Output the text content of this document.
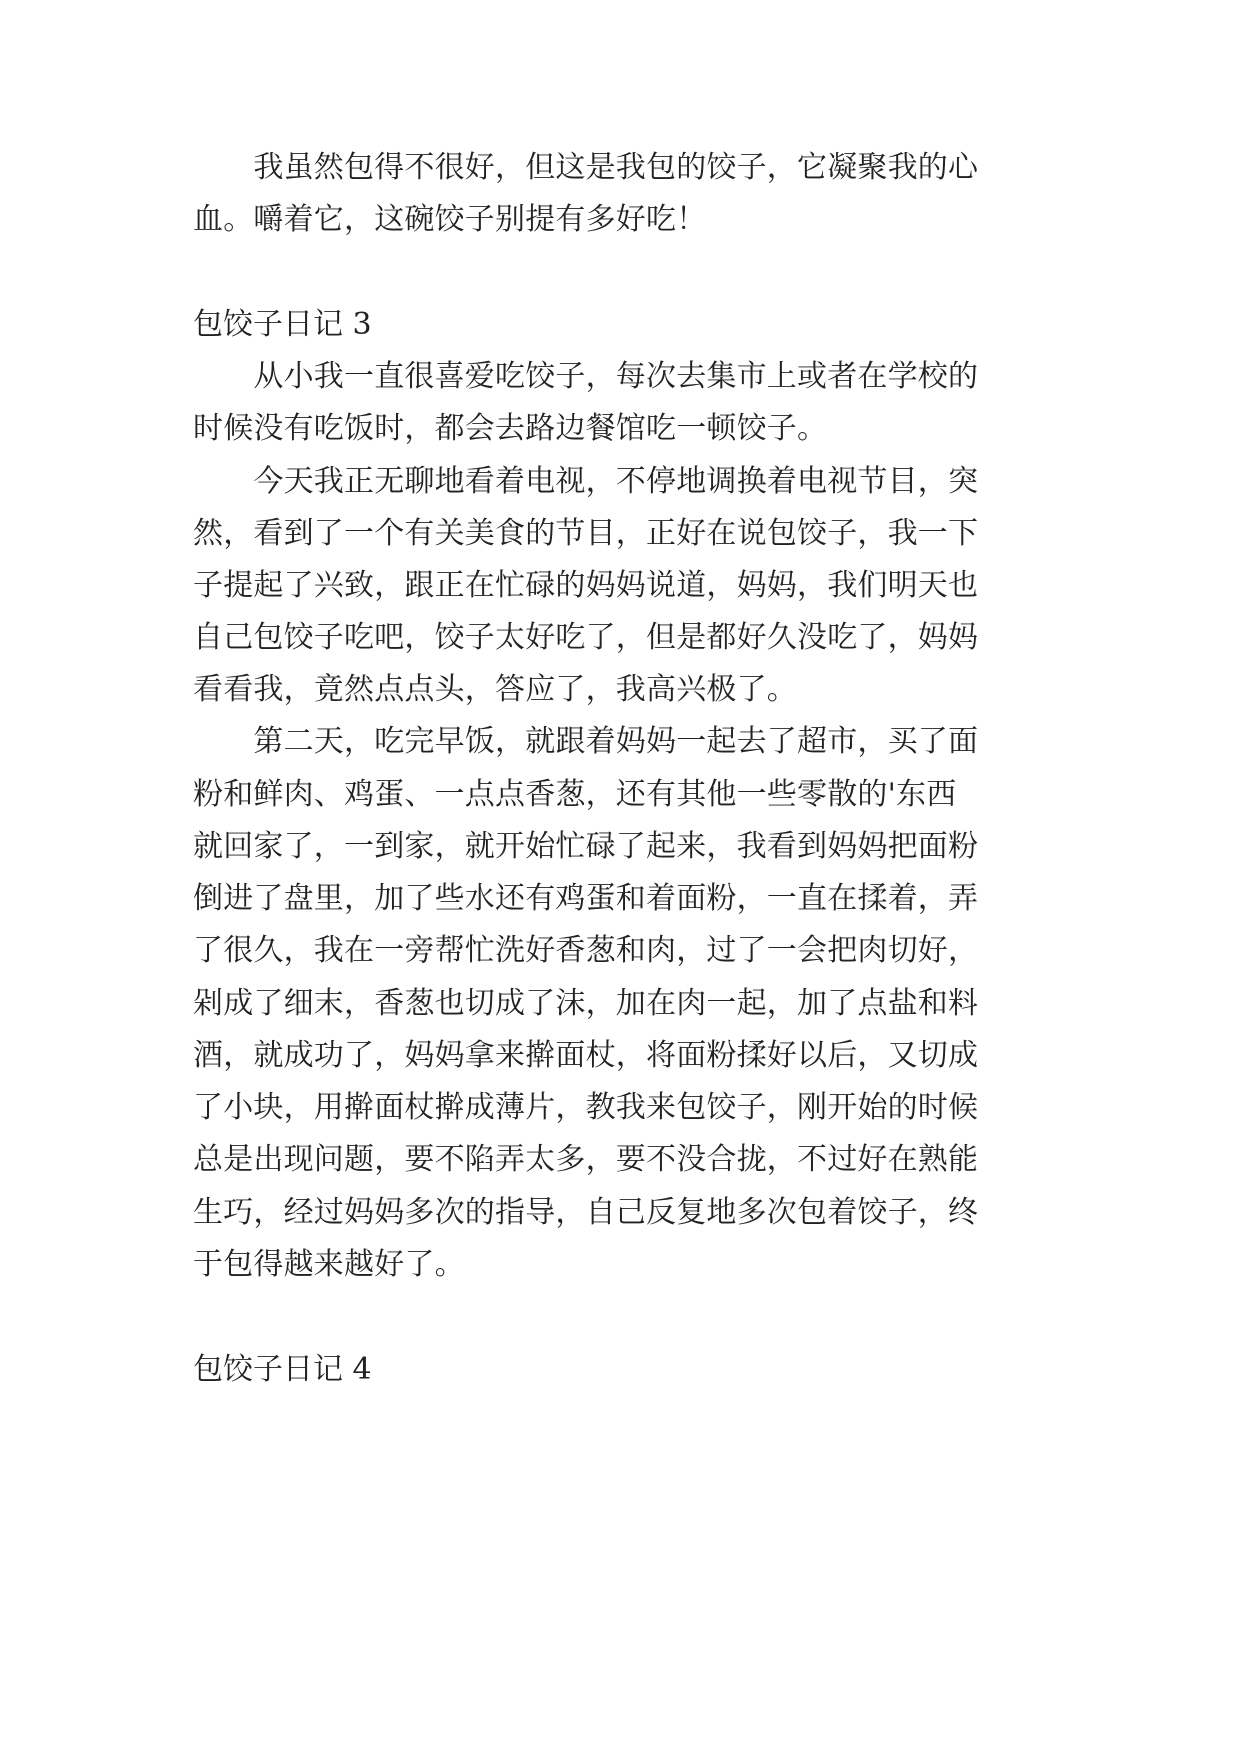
　　我虽然包得不很好，但这是我包的饺子，它凝聚我的心
血。嚼着它，这碗饺子别提有多好吃！
包饺子日记 3
　　从小我一直很喜爱吃饺子，每次去集市上或者在学校的
时候没有吃饭时，都会去路边餐馆吃一顿饺子。
　　今天我正无聊地看着电视，不停地调换着电视节目，突
然，看到了一个有关美食的节目，正好在说包饺子，我一下
子提起了兴致，跟正在忙碌的妈妈说道，妈妈，我们明天也
自己包饺子吃吧，饺子太好吃了，但是都好久没吃了，妈妈
看看我，竟然点点头，答应了，我高兴极了。
　　第二天，吃完早饭，就跟着妈妈一起去了超市，买了面
粉和鲜肉、鸡蛋、一点点香葱，还有其他一些零散的'东西
就回家了，一到家，就开始忙碌了起来，我看到妈妈把面粉
倒进了盘里，加了些水还有鸡蛋和着面粉，一直在揉着，弄
了很久，我在一旁帮忙洗好香葱和肉，过了一会把肉切好，
剁成了细末，香葱也切成了沫，加在肉一起，加了点盐和料
酒，就成功了，妈妈拿来擀面杖，将面粉揉好以后，又切成
了小块，用擀面杖擀成薄片，教我来包饺子，刚开始的时候
总是出现问题，要不陷弄太多，要不没合拢，不过好在熟能
生巧，经过妈妈多次的指导，自己反复地多次包着饺子，终
于包得越来越好了。
包饺子日记 4
